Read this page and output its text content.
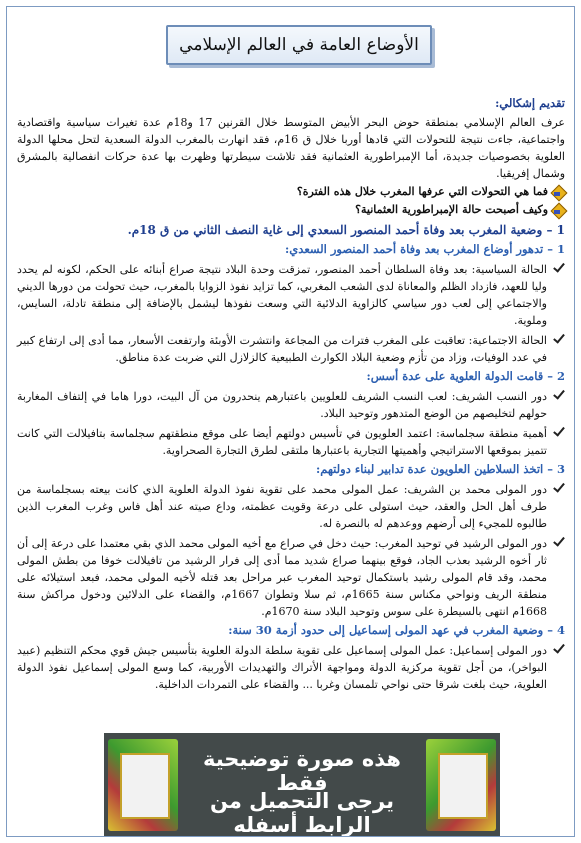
الأوضاع العامة في العالم الإسلامي
تقديم إشكالي:

عرف العالم الإسلامي بمنطقة حوض البحر الأبيض المتوسط خلال القرنين 17 و18م عدة تغيرات سياسية واقتصادية واجتماعية، جاءت نتيجة للتحولات التي قادها أوربا خلال ق 16م، فقد انهارت بالمغرب الدولة السعدية لتحل محلها الدولة العلوية بخصوصيات جديدة، أما الإمبراطورية العثمانية فقد تلاشت سيطرتها وظهرت بها عدة حركات انفصالية بالمشرق وشمال إفريقيا.

فما هي التحولات التي عرفها المغرب خلال هذه الفترة؟
وكيف أصبحت حالة الإمبراطورية العثمانية؟
1 – وضعية المغرب بعد وفاة أحمد المنصور السعدي إلى غاية النصف الثاني من ق 18م.
1 – تدهور أوضاع المغرب بعد وفاة أحمد المنصور السعدي:
الحالة السياسية: بعد وفاة السلطان أحمد المنصور، تمزقت وحدة البلاد نتيجة صراع أبنائه على الحكم، لكونه لم يحدد وليا للعهد، فازداد الظلم والمعاناة لدى الشعب المغربي، كما تزايد نفوذ الزوايا بالمغرب، حيث تحولت من دورها الديني والاجتماعي إلى لعب دور سياسي كالزاوية الدلائية التي وسعت نفوذها ليشمل بالإضافة إلى منطقة تادلة، السايس، وملوية.
الحالة الاجتماعية: تعاقبت على المغرب فترات من المجاعة وانتشرت الأوبئة وارتفعت الأسعار، مما أدى إلى ارتفاع كبير في عدد الوفيات، وزاد من تأزم وضعية البلاد الكوارث الطبيعية كالزلازل التي ضربت عدة مناطق.
2 – قامت الدولة العلوية على عدة أسس:
دور النسب الشريف: لعب النسب الشريف للعلويين باعتبارهم ينحدرون من آل البيت، دورا هاما في إلتفاف المغاربة حولهم لتخليصهم من الوضع المتدهور وتوحيد البلاد.
أهمية منطقة سجلماسة: اعتمد العلويون في تأسيس دولتهم أيضا على موقع منطقتهم سجلماسة بتافيلالت التي كانت تتميز بموقعها الاستراتيجي وأهميتها التجارية باعتبارها ملتقى لطرق التجارة الصحراوية.
3 – اتخذ السلاطين العلويون عدة تدابير لبناء دولتهم:
دور المولى محمد بن الشريف: عمل المولى محمد على تقوية نفوذ الدولة العلوية الذي كانت بيعته بسجلماسة من طرف أهل الحل والعقد، حيث استولى على درعة وقويت عظمته، وداع صيته عند أهل فاس وغرب المغرب الذين طالبوه للمجيء إلى أرضهم ووعدهم له بالنصرة له.
دور المولى الرشيد في توحيد المغرب: حيث دخل في صراع مع أخيه المولى محمد الذي بقي معتمدا على درعة إلى أن ثار أخوه الرشيد بعذب الجاد، فوقع بينهما صراع شديد مما أدى إلى فرار الرشيد من تافيلالت خوفا من بطش المولى محمد، وقد قام المولى رشيد باستكمال توحيد المغرب عبر مراحل بعد قتله لأخيه المولى محمد، فبعد استيلائه على منطقة الريف ونواحي مكناس سنة 1665م، ثم سلا وتطوان 1667م، والقضاء على الدلائين ودخول مراكش سنة 1668م انتهى بالسيطرة على سوس وتوحيد البلاد سنة 1670م.
4 – وضعية المغرب في عهد المولى إسماعيل إلى حدود أزمة 30 سنة:
دور المولى إسماعيل: عمل المولى إسماعيل على تقوية سلطة الدولة العلوية بتأسيس جيش قوي محكم التنظيم (عبيد البواخر)، من أجل تقوية مركزية الدولة ومواجهة الأتراك والتهديدات الأوربية، كما وسع المولى إسماعيل نفوذ الدولة العلوية، حيث بلغت شرقا حتى نواحي تلمسان وغربا ... والقضاء على التمردات الداخلية.
هذه صورة توضيحية فقط
يرجى التحميل من الرابط أسفله
